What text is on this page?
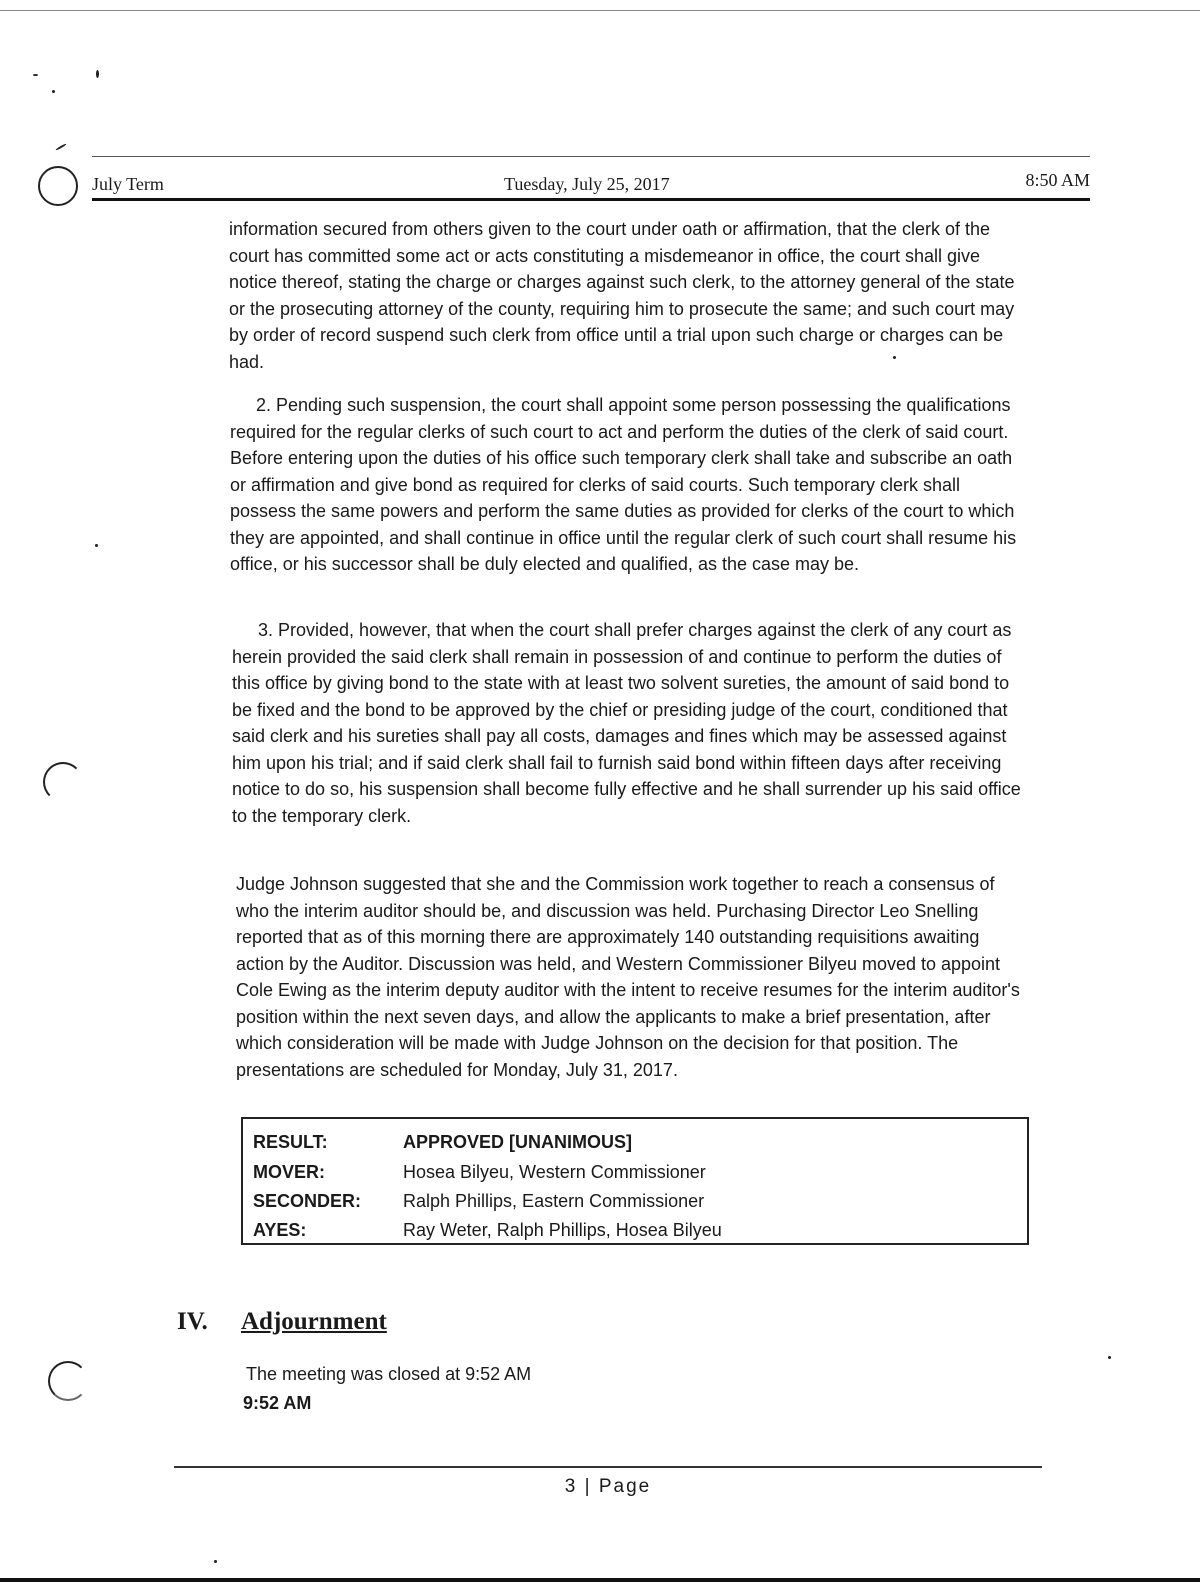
July Term	Tuesday, July 25, 2017	8:50 AM

information secured from others given to the court under oath or affirmation, that the clerk of the court has committed some act or acts constituting a misdemeanor in office, the court shall give notice thereof, stating the charge or charges against such clerk, to the attorney general of the state or the prosecuting attorney of the county, requiring him to prosecute the same; and such court may by order of record suspend such clerk from office until a trial upon such charge or charges can be had.

2. Pending such suspension, the court shall appoint some person possessing the qualifications required for the regular clerks of such court to act and perform the duties of the clerk of said court. Before entering upon the duties of his office such temporary clerk shall take and subscribe an oath or affirmation and give bond as required for clerks of said courts. Such temporary clerk shall possess the same powers and perform the same duties as provided for clerks of the court to which they are appointed, and shall continue in office until the regular clerk of such court shall resume his office, or his successor shall be duly elected and qualified, as the case may be.

3. Provided, however, that when the court shall prefer charges against the clerk of any court as herein provided the said clerk shall remain in possession of and continue to perform the duties of this office by giving bond to the state with at least two solvent sureties, the amount of said bond to be fixed and the bond to be approved by the chief or presiding judge of the court, conditioned that said clerk and his sureties shall pay all costs, damages and fines which may be assessed against him upon his trial; and if said clerk shall fail to furnish said bond within fifteen days after receiving notice to do so, his suspension shall become fully effective and he shall surrender up his said office to the temporary clerk.

Judge Johnson suggested that she and the Commission work together to reach a consensus of who the interim auditor should be, and discussion was held. Purchasing Director Leo Snelling reported that as of this morning there are approximately 140 outstanding requisitions awaiting action by the Auditor. Discussion was held, and Western Commissioner Bilyeu moved to appoint Cole Ewing as the interim deputy auditor with the intent to receive resumes for the interim auditor's position within the next seven days, and allow the applicants to make a brief presentation, after which consideration will be made with Judge Johnson on the decision for that position. The presentations are scheduled for Monday, July 31, 2017.

RESULT:	APPROVED [UNANIMOUS]
MOVER:	Hosea Bilyeu, Western Commissioner
SECONDER:	Ralph Phillips, Eastern Commissioner
AYES:	Ray Weter, Ralph Phillips, Hosea Bilyeu
IV. Adjournment
The meeting was closed at 9:52 AM
9:52 AM
3 | Page
